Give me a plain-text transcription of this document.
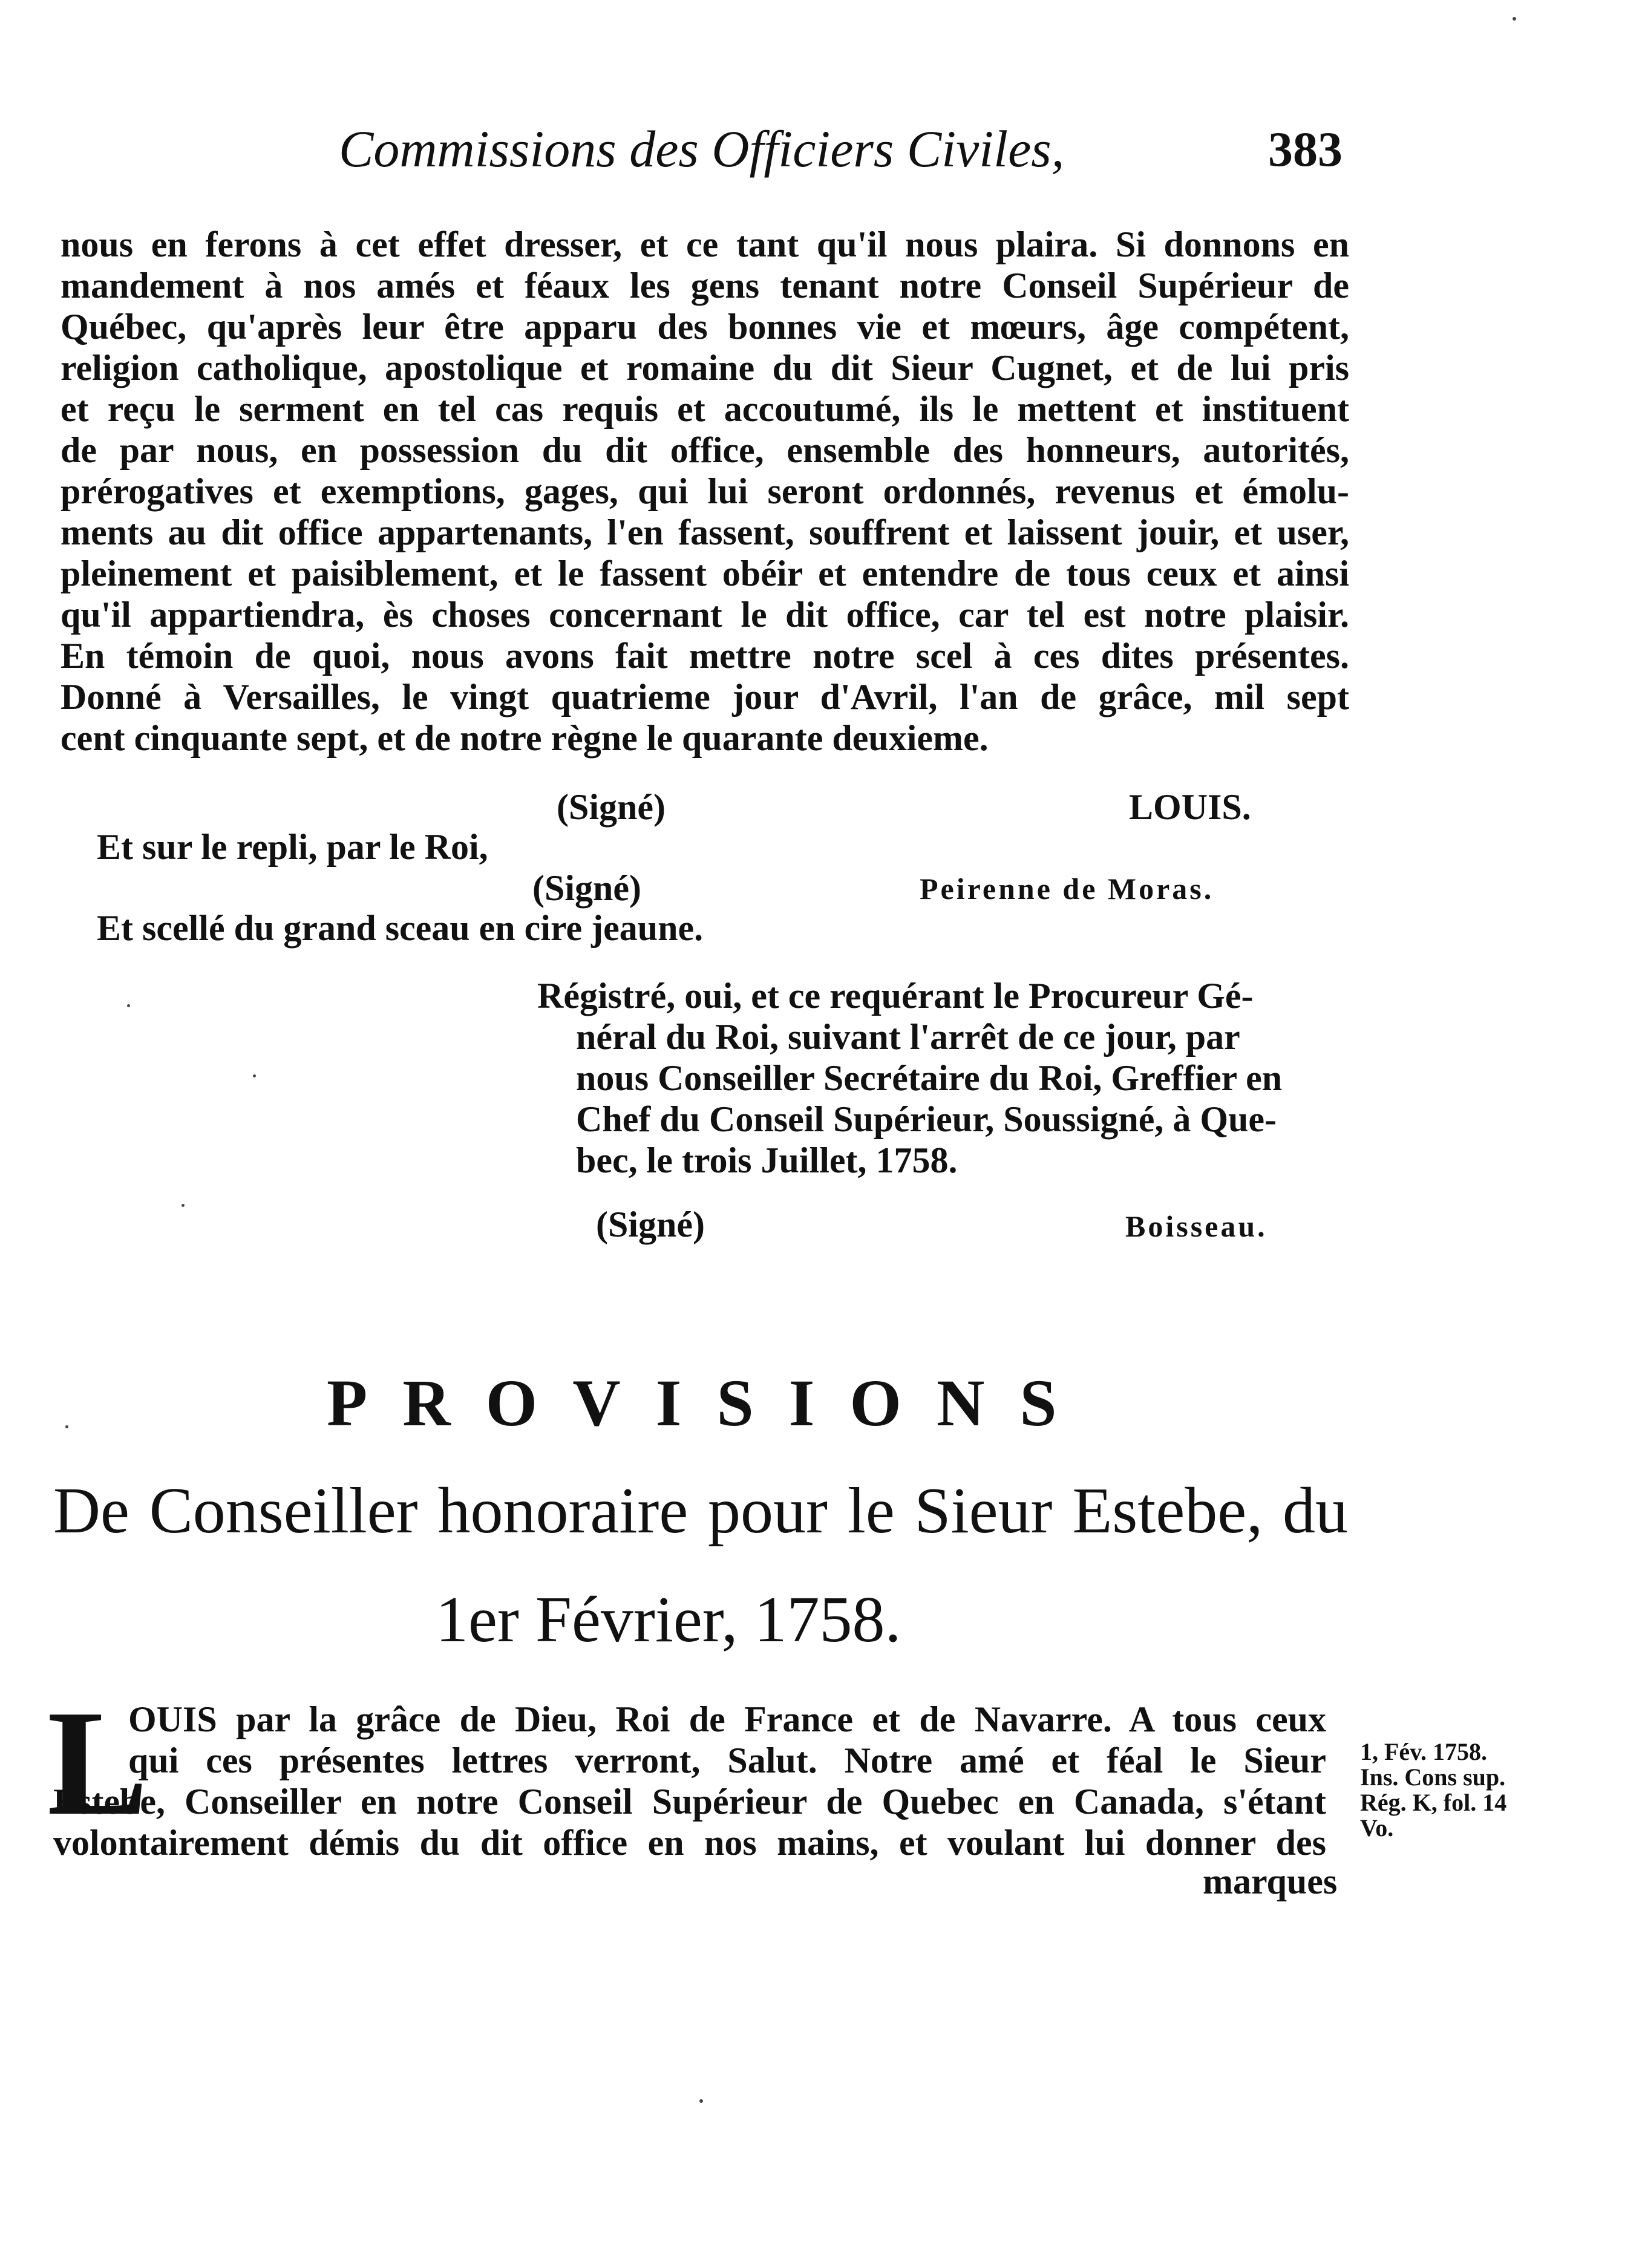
Commissions des Officiers Civiles,	383
nous en ferons à cet effet dresser, et ce tant qu'il nous plaira. Si donnons en
mandement à nos amés et féaux les gens tenant notre Conseil Supérieur de
Québec, qu'après leur être apparu des bonnes vie et mœurs, âge compétent,
religion catholique, apostolique et romaine du dit Sieur Cugnet, et de lui pris
et reçu le serment en tel cas requis et accoutumé, ils le mettent et instituent
de par nous, en possession du dit office, ensemble des honneurs, autorités,
prérogatives et exemptions, gages, qui lui seront ordonnés, revenus et émolu-
ments au dit office appartenants, l'en fassent, souffrent et laissent jouir, et user,
pleinement et paisiblement, et le fassent obéir et entendre de tous ceux et ainsi
qu'il appartiendra, ès choses concernant le dit office, car tel est notre plaisir.
En témoin de quoi, nous avons fait mettre notre scel à ces dites présentes.
Donné à Versailles, le vingt quatrieme jour d'Avril, l'an de grâce, mil sept
cent cinquante sept, et de notre règne le quarante deuxieme.
(Signé)	LOUIS.
Et sur le repli, par le Roi,
(Signé)	Peirenne de Moras.
Et scellé du grand sceau en cire jeaune.
Régistré, oui, et ce requérant le Procureur Gé-
néral du Roi, suivant l'arrêt de ce jour, par
nous Conseiller Secrétaire du Roi, Greffier en
Chef du Conseil Supérieur, Soussigné, à Que-
bec, le trois Juillet, 1758.
(Signé)	Boisseau.
PROVISIONS
De Conseiller honoraire pour le Sieur Estebe, du
1er Février, 1758.
L
OUIS par la grâce de Dieu, Roi de France et de Navarre. A tous ceux
qui ces présentes lettres verront, Salut. Notre amé et féal le Sieur
Estebe, Conseiller en notre Conseil Supérieur de Quebec en Canada, s'étant
volontairement démis du dit office en nos mains, et voulant lui donner des
marques
1, Fév. 1758.
Ins. Cons sup.
Rég. K, fol. 14
Vo.
